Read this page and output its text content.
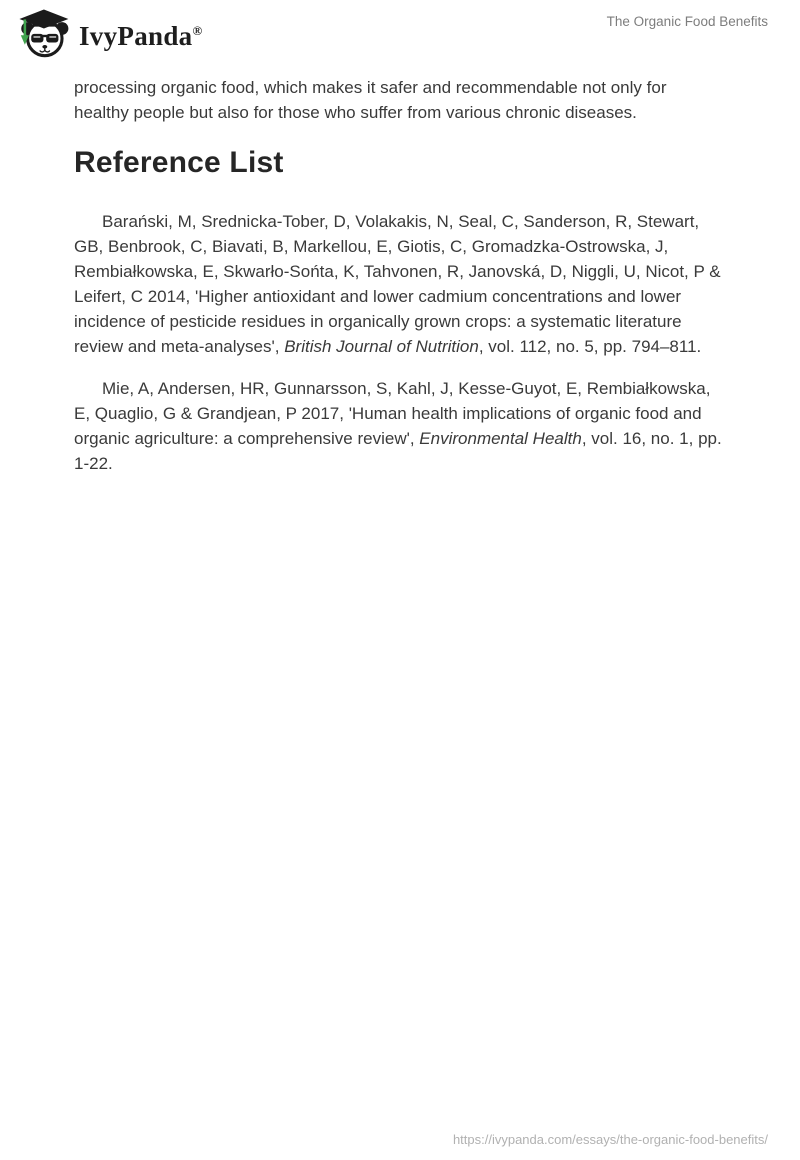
IvyPanda®
The Organic Food Benefits

processing organic food, which makes it safer and recommendable not only for healthy people but also for those who suffer from various chronic diseases.

Reference List

Barański, M, Srednicka-Tober, D, Volakakis, N, Seal, C, Sanderson, R, Stewart, GB, Benbrook, C, Biavati, B, Markellou, E, Giotis, C, Gromadzka-Ostrowska, J, Rembiałkowska, E, Skwarło-Sońta, K, Tahvonen, R, Janovská, D, Niggli, U, Nicot, P & Leifert, C 2014, 'Higher antioxidant and lower cadmium concentrations and lower incidence of pesticide residues in organically grown crops: a systematic literature review and meta-analyses', British Journal of Nutrition, vol. 112, no. 5, pp. 794–811.

Mie, A, Andersen, HR, Gunnarsson, S, Kahl, J, Kesse-Guyot, E, Rembiałkowska, E, Quaglio, G & Grandjean, P 2017, 'Human health implications of organic food and organic agriculture: a comprehensive review', Environmental Health, vol. 16, no. 1, pp. 1-22.

https://ivypanda.com/essays/the-organic-food-benefits/
